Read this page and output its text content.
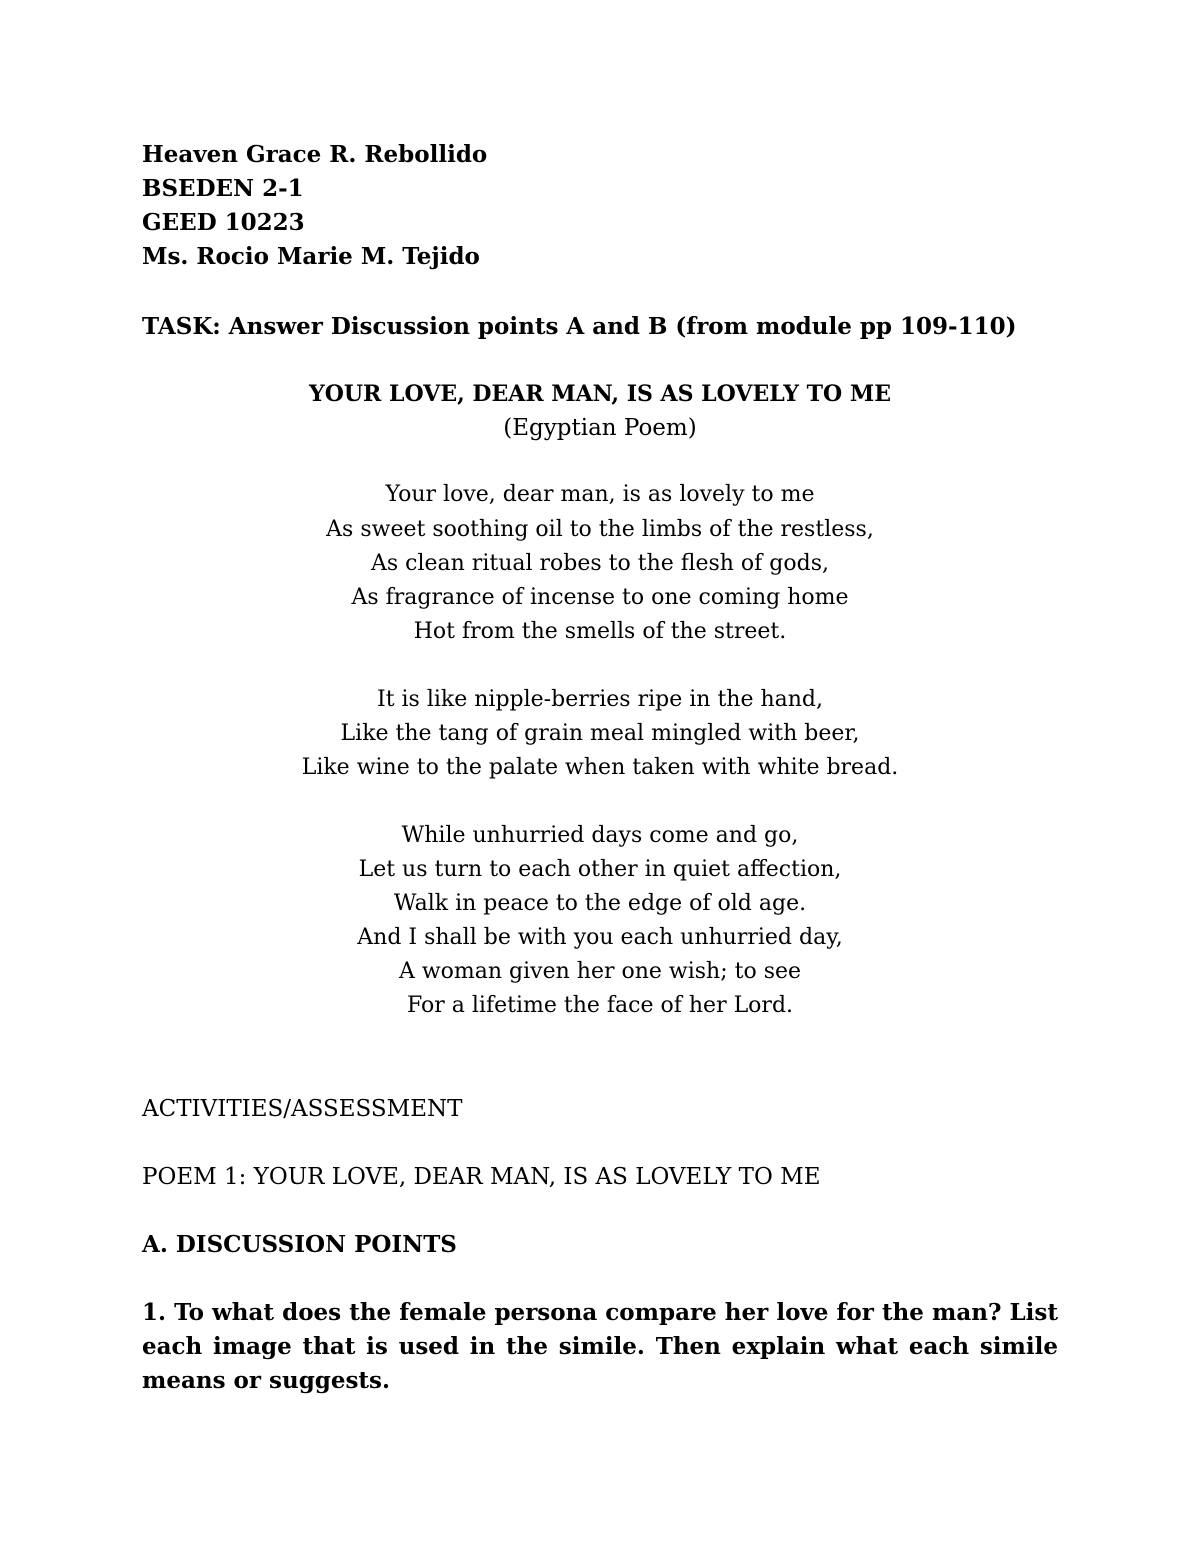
Heaven Grace R. Rebollido

BSEDEN 2-1

GEED 10223

Ms. Rocio Marie M. Tejido

TASK: Answer Discussion points A and B (from module pp 109-110)

YOUR LOVE, DEAR MAN, IS AS LOVELY TO ME

(Egyptian Poem)

Your love, dear man, is as lovely to me

As sweet soothing oil to the limbs of the restless,

As clean ritual robes to the flesh of gods,

As fragrance of incense to one coming home

Hot from the smells of the street.

It is like nipple-berries ripe in the hand,

Like the tang of grain meal mingled with beer,

Like wine to the palate when taken with white bread.

While unhurried days come and go,

Let us turn to each other in quiet affection,

Walk in peace to the edge of old age.

And I shall be with you each unhurried day,

A woman given her one wish; to see

For a lifetime the face of her Lord.

ACTIVITIES/ASSESSMENT

POEM 1: YOUR LOVE, DEAR MAN, IS AS LOVELY TO ME

A. DISCUSSION POINTS

1. To what does the female persona compare her love for the man? List each image that is used in the simile. Then explain what each simile means or suggests.
